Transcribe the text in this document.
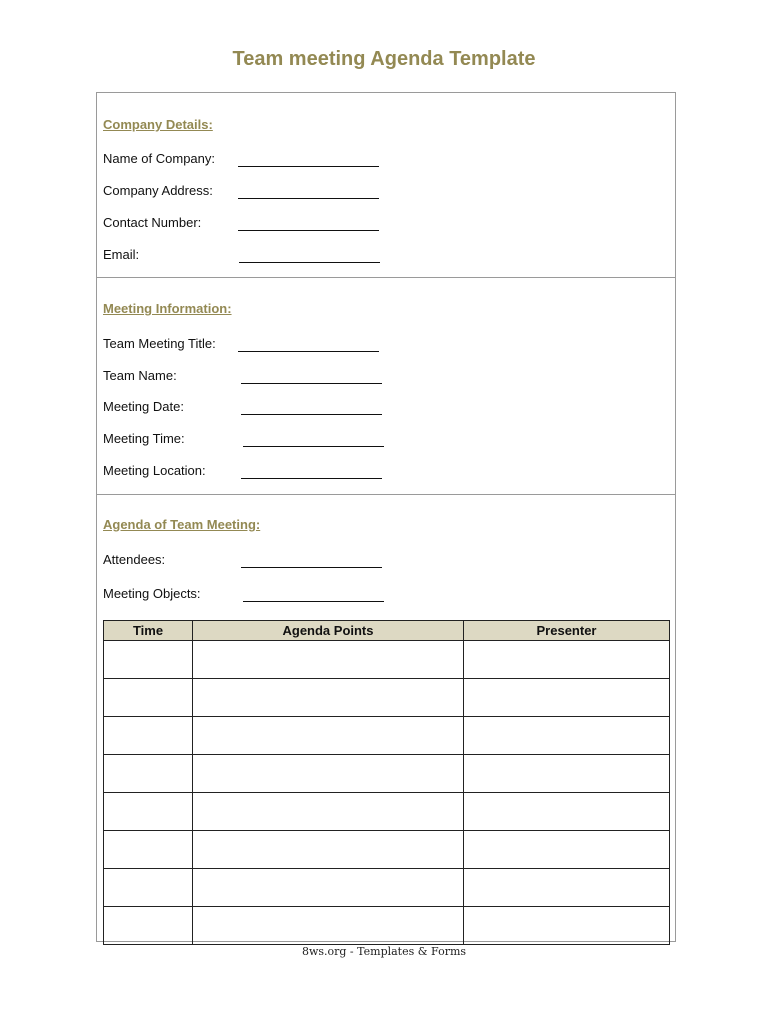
Team meeting Agenda Template
Company Details:
Name of Company:
Company Address:
Contact Number:
Email:
Meeting Information:
Team Meeting Title:
Team Name:
Meeting Date:
Meeting Time:
Meeting Location:
Agenda of Team Meeting:
Attendees:
Meeting Objects:
Time	Agenda Points	Presenter

8ws.org - Templates & Forms
